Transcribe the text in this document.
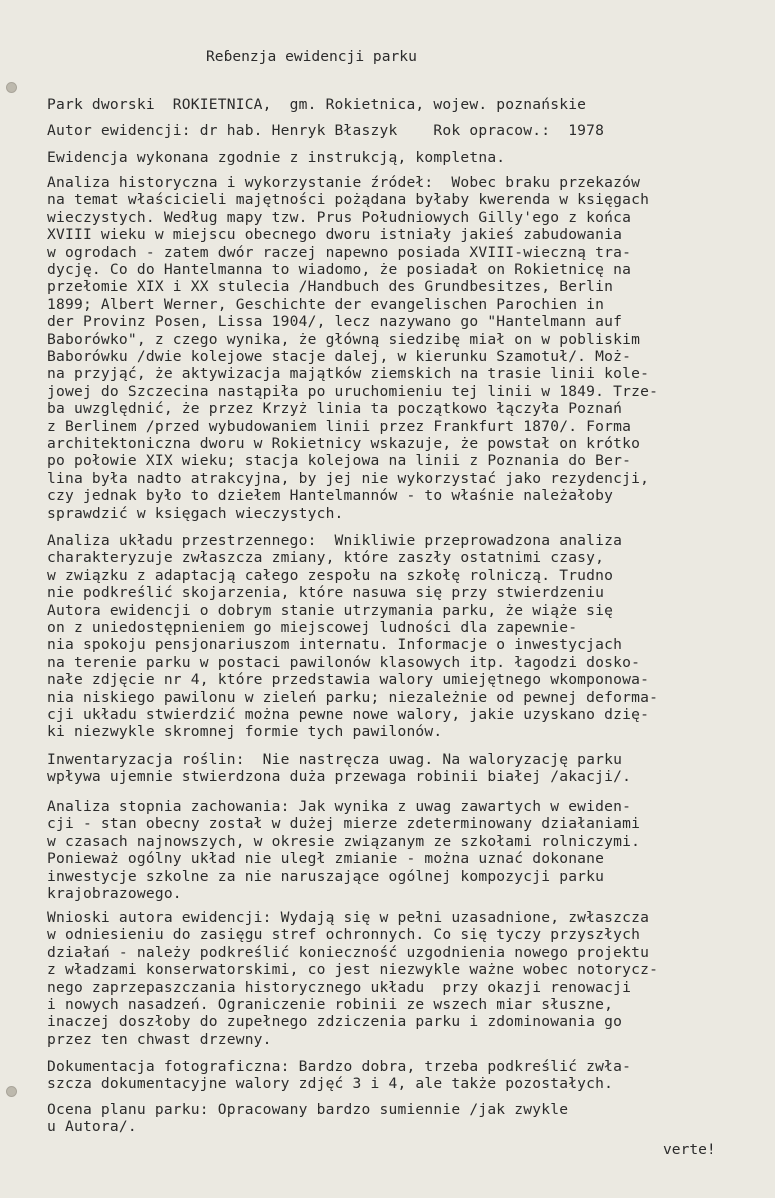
Reɓenzja ewidencji parku
Park dworski  ROKIETNICA,  gm. Rokietnica, wojew. poznańskie
Autor ewidencji: dr hab. Henryk Błaszyk    Rok opracow.:  1978
Ewidencja wykonana zgodnie z instrukcją, kompletna.
Analiza historyczna i wykorzystanie źródeł:  Wobec braku przekazów
na temat właścicieli majętności pożądana byłaby kwerenda w księgach
wieczystych. Według mapy tzw. Prus Południowych Gilly'ego z końca
XVIII wieku w miejscu obecnego dworu istniały jakieś zabudowania
w ogrodach - zatem dwór raczej napewno posiada XVIII-wieczną tra-
dycję. Co do Hantelmanna to wiadomo, że posiadał on Rokietnicę na
przełomie XIX i XX stulecia /Handbuch des Grundbesitzes, Berlin
1899; Albert Werner, Geschichte der evangelischen Parochien in
der Provinz Posen, Lissa 1904/, lecz nazywano go "Hantelmann auf
Baborówko", z czego wynika, że główną siedzibę miał on w pobliskim
Baborówku /dwie kolejowe stacje dalej, w kierunku Szamotuł/. Moż-
na przyjąć, że aktywizacja majątków ziemskich na trasie linii kole-
jowej do Szczecina nastąpiła po uruchomieniu tej linii w 1849. Trze-
ba uwzględnić, że przez Krzyż linia ta początkowo łączyła Poznań
z Berlinem /przed wybudowaniem linii przez Frankfurt 1870/. Forma
architektoniczna dworu w Rokietnicy wskazuje, że powstał on krótko
po połowie XIX wieku; stacja kolejowa na linii z Poznania do Ber-
lina była nadto atrakcyjna, by jej nie wykorzystać jako rezydencji,
czy jednak było to dziełem Hantelmannów - to właśnie należałoby
sprawdzić w księgach wieczystych.
Analiza układu przestrzennego:  Wnikliwie przeprowadzona analiza
charakteryzuje zwłaszcza zmiany, które zaszły ostatnimi czasy,
w związku z adaptacją całego zespołu na szkołę rolniczą. Trudno
nie podkreślić skojarzenia, które nasuwa się przy stwierdzeniu
Autora ewidencji o dobrym stanie utrzymania parku, że wiąże się
on z uniedostępnieniem go miejscowej ludności dla zapewnie-
nia spokoju pensjonariuszom internatu. Informacje o inwestycjach
na terenie parku w postaci pawilonów klasowych itp. łagodzi dosko-
nałe zdjęcie nr 4, które przedstawia walory umiejętnego wkomponowa-
nia niskiego pawilonu w zieleń parku; niezależnie od pewnej deforma-
cji układu stwierdzić można pewne nowe walory, jakie uzyskano dzię-
ki niezwykle skromnej formie tych pawilonów.
Inwentaryzacja roślin:  Nie nastręcza uwag. Na waloryzację parku
wpływa ujemnie stwierdzona duża przewaga robinii białej /akacji/.
Analiza stopnia zachowania: Jak wynika z uwag zawartych w ewiden-
cji - stan obecny został w dużej mierze zdeterminowany działaniami
w czasach najnowszych, w okresie związanym ze szkołami rolniczymi.
Ponieważ ogólny układ nie uległ zmianie - można uznać dokonane
inwestycje szkolne za nie naruszające ogólnej kompozycji parku
krajobrazowego.
Wnioski autora ewidencji: Wydają się w pełni uzasadnione, zwłaszcza
w odniesieniu do zasięgu stref ochronnych. Co się tyczy przyszłych
działań - należy podkreślić konieczność uzgodnienia nowego projektu
z władzami konserwatorskimi, co jest niezwykle ważne wobec notorycz-
nego zaprzepaszczania historycznego układu  przy okazji renowacji
i nowych nasadzeń. Ograniczenie robinii ze wszech miar słuszne,
inaczej doszłoby do zupełnego zdziczenia parku i zdominowania go
przez ten chwast drzewny.
Dokumentacja fotograficzna: Bardzo dobra, trzeba podkreślić zwła-
szcza dokumentacyjne walory zdjęć 3 i 4, ale także pozostałych.
Ocena planu parku: Opracowany bardzo sumiennie /jak zwykle
u Autora/.
verte!
